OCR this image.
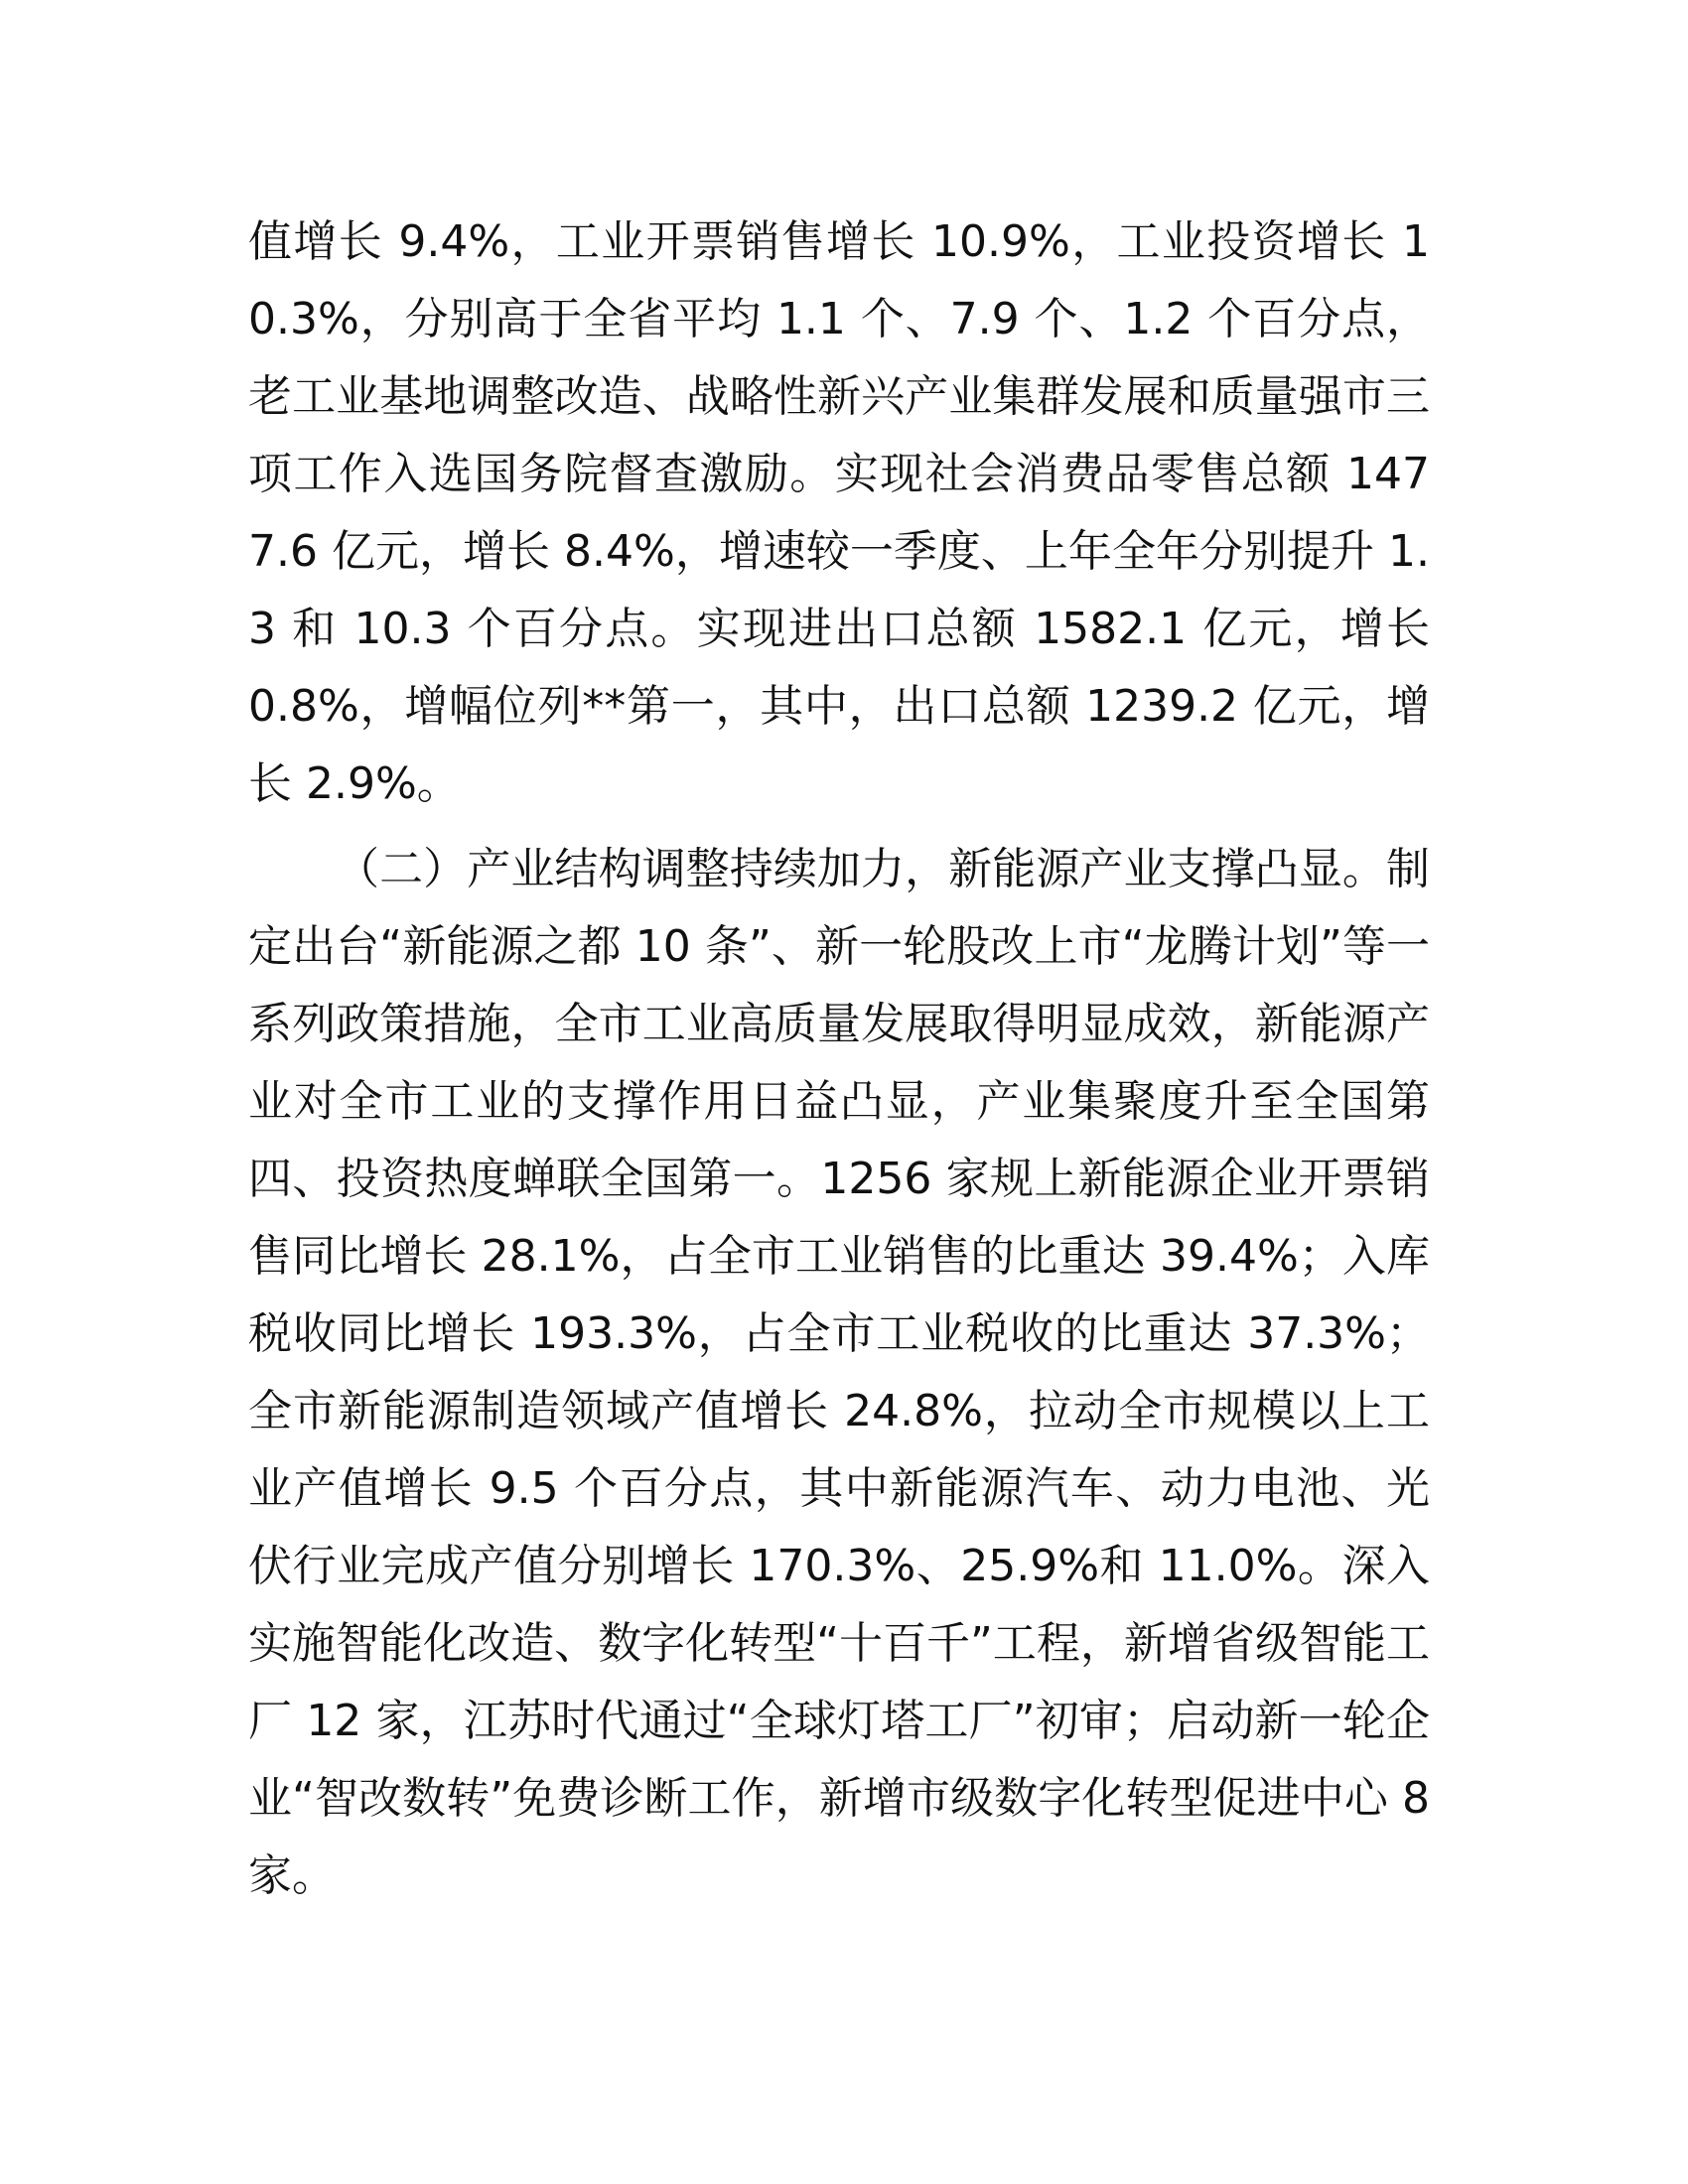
值增长 9.4%，工业开票销售增长 10.9%，工业投资增长 10.3%，分别高于全省平均 1.1 个、7.9 个、1.2 个百分点，老工业基地调整改造、战略性新兴产业集群发展和质量强市三项工作入选国务院督查激励。实现社会消费品零售总额 1477.6 亿元，增长 8.4%，增速较一季度、上年全年分别提升 1.3 和 10.3 个百分点。实现进出口总额 1582.1 亿元，增长 0.8%，增幅位列**第一，其中，出口总额 1239.2 亿元，增长 2.9%。

（二）产业结构调整持续加力，新能源产业支撑凸显。制定出台“新能源之都 10 条”、新一轮股改上市“龙腾计划”等一系列政策措施，全市工业高质量发展取得明显成效，新能源产业对全市工业的支撑作用日益凸显，产业集聚度升至全国第四、投资热度蝉联全国第一。1256 家规上新能源企业开票销售同比增长 28.1%，占全市工业销售的比重达 39.4%；入库税收同比增长 193.3%，占全市工业税收的比重达 37.3%；全市新能源制造领域产值增长 24.8%，拉动全市规模以上工业产值增长 9.5 个百分点，其中新能源汽车、动力电池、光伏行业完成产值分别增长 170.3%、25.9%和 11.0%。深入实施智能化改造、数字化转型“十百千”工程，新增省级智能工厂 12 家，江苏时代通过“全球灯塔工厂”初审；启动新一轮企业“智改数转”免费诊断工作，新增市级数字化转型促进中心 8 家。
